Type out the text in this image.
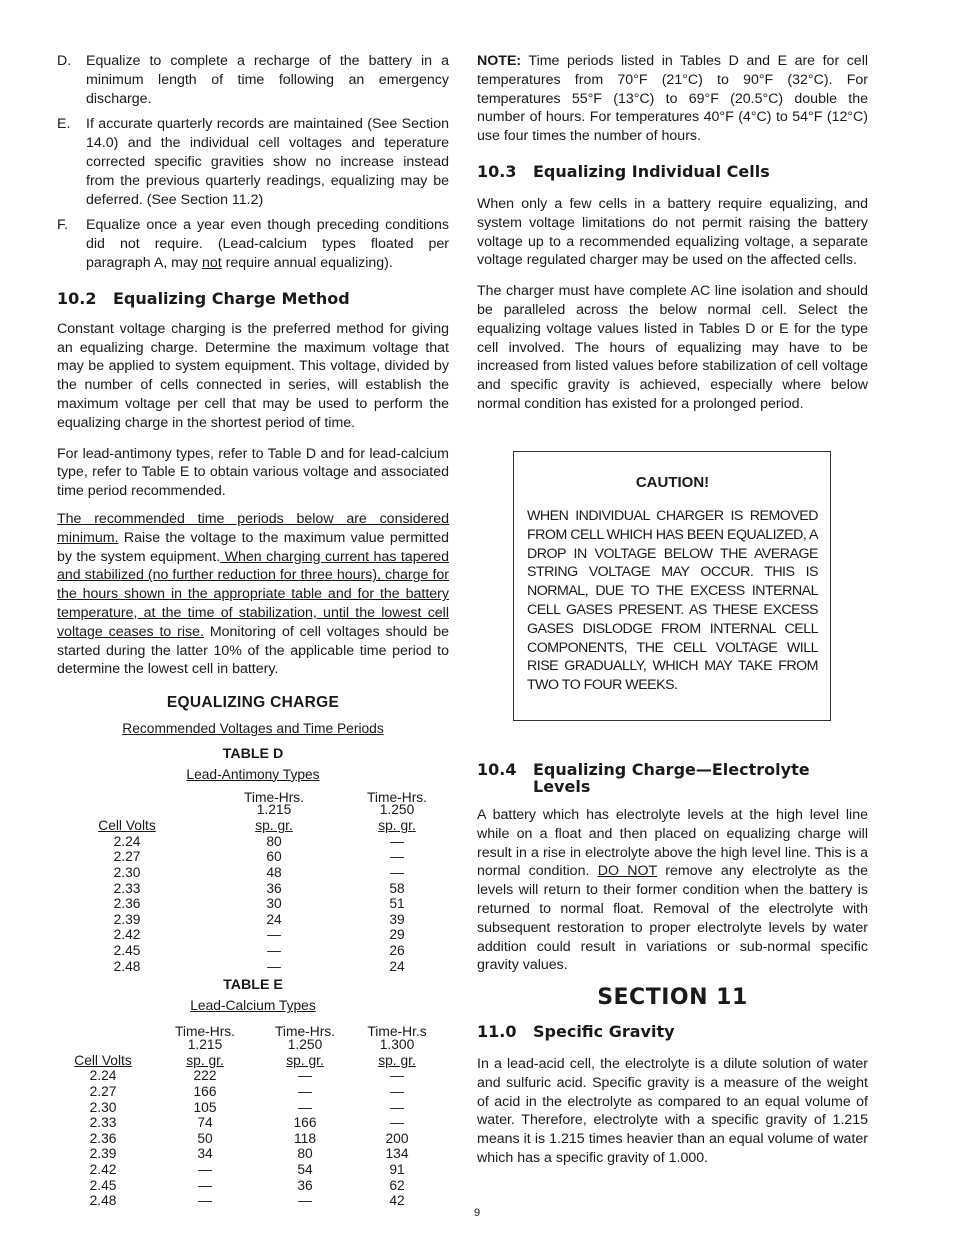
D.	Equalize to complete a recharge of the battery in a minimum length of time following an emergency discharge.
E.	If accurate quarterly records are maintained (See Section 14.0) and the individual cell voltages and teperature corrected specific gravities show no increase instead from the previous quarterly readings, equalizing may be deferred. (See Section 11.2)
F.	Equalize once a year even though preceding conditions did not require. (Lead-calcium types floated per paragraph A, may not require annual equalizing).
10.2 Equalizing Charge Method

Constant voltage charging is the preferred method for giving an equalizing charge. Determine the maximum voltage that may be applied to system equipment. This voltage, divided by the number of cells connected in series, will establish the maximum voltage per cell that may be used to perform the equalizing charge in the shortest period of time.

For lead-antimony types, refer to Table D and for lead-calcium type, refer to Table E to obtain various voltage and associated time period recommended.

The recommended time periods below are considered minimum. Raise the voltage to the maximum value permitted by the system equipment. When charging current has tapered and stabilized (no further reduction for three hours), charge for the hours shown in the appropriate table and for the battery temperature, at the time of stabilization, until the lowest cell voltage ceases to rise. Monitoring of cell voltages should be started during the latter 10% of the applicable time period to determine the lowest cell in battery.

EQUALIZING CHARGE
Recommended Voltages and Time Periods
TABLE D
Lead-Antimony Types
Time-Hrs.	Time-Hrs.
1.215	1.250
Cell Volts	sp. gr.	sp. gr.
2.24	80	—
2.27	60	—
2.30	48	—
2.33	36	58
2.36	30	51
2.39	24	39
2.42	—	29
2.45	—	26
2.48	—	24
TABLE E
Lead-Calcium Types
Time-Hrs.	Time-Hrs.	Time-Hr.s
1.215	1.250	1.300
Cell Volts	sp. gr.	sp. gr.	sp. gr.
2.24	222	—	—
2.27	166	—	—
2.30	105	—	—
2.33	74	166	—
2.36	50	118	200
2.39	34	80	134
2.42	—	54	91
2.45	—	36	62
2.48	—	—	42

NOTE: Time periods listed in Tables D and E are for cell temperatures from 70°F (21°C) to 90°F (32°C). For temperatures 55°F (13°C) to 69°F (20.5°C) double the number of hours. For temperatures 40°F (4°C) to 54°F (12°C) use four times the number of hours.

10.3 Equalizing Individual Cells

When only a few cells in a battery require equalizing, and system voltage limitations do not permit raising the battery voltage up to a recommended equalizing voltage, a separate voltage regulated charger may be used on the affected cells.

The charger must have complete AC line isolation and should be paralleled across the below normal cell. Select the equalizing voltage values listed in Tables D or E for the type cell involved. The hours of equalizing may have to be increased from listed values before stabilization of cell voltage and specific gravity is achieved, especially where below normal condition has existed for a prolonged period.

CAUTION!
WHEN INDIVIDUAL CHARGER IS REMOVED FROM CELL WHICH HAS BEEN EQUALIZED, A DROP IN VOLTAGE BELOW THE AVERAGE STRING VOLTAGE MAY OCCUR. THIS IS NORMAL, DUE TO THE EXCESS INTERNAL CELL GASES PRESENT. AS THESE EXCESS GASES DISLODGE FROM INTERNAL CELL COMPONENTS, THE CELL VOLTAGE WILL RISE GRADUALLY, WHICH MAY TAKE FROM TWO TO FOUR WEEKS.
10.4	Equalizing Charge—Electrolyte Levels

A battery which has electrolyte levels at the high level line while on a float and then placed on equalizing charge will result in a rise in electrolyte above the high level line. This is a normal condition. DO NOT remove any electrolyte as the levels will return to their former condition when the battery is returned to normal float. Removal of the electrolyte with subsequent restoration to proper electrolyte levels by water addition could result in variations or sub-normal specific gravity values.

SECTION 11
11.0 Specific Gravity

In a lead-acid cell, the electrolyte is a dilute solution of water and sulfuric acid. Specific gravity is a measure of the weight of acid in the electrolyte as compared to an equal volume of water. Therefore, electrolyte with a specific gravity of 1.215 means it is 1.215 times heavier than an equal volume of water which has a specific gravity of 1.000.

9
